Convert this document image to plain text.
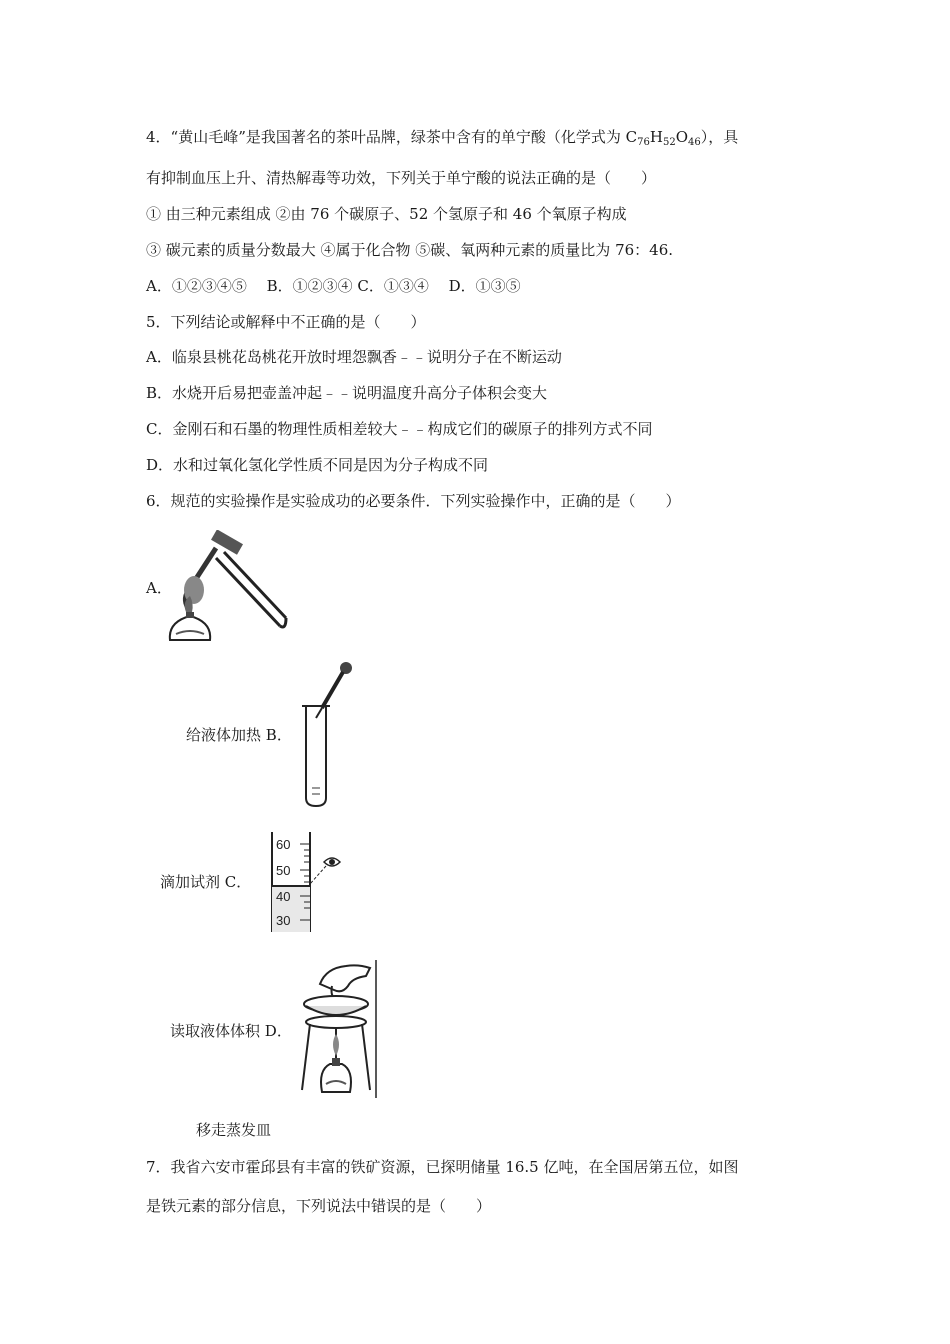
4．“黄山毛峰”是我国著名的茶叶品牌，绿茶中含有的单宁酸（化学式为 $C_{76}H_{52}O_{46}$），具
有抑制血压上升、清热解毒等功效，下列关于单宁酸的说法正确的是（　　）
① 由三种元素组成 ②由 76 个碳原子、52 个氢原子和 46 个氧原子构成
③ 碳元素的质量分数最大 ④属于化合物 ⑤碳、氧两种元素的质量比为 76：46.
A．①②③④⑤　 B．①②③④ C．①③④　 D．①③⑤
5．下列结论或解释中不正确的是（　　）
A．临泉县桃花岛桃花开放时埋怨飘香﹣﹣说明分子在不断运动
B．水烧开后易把壶盖冲起﹣﹣说明温度升高分子体积会变大
C．金刚石和石墨的物理性质相差较大﹣﹣构成它们的碳原子的排列方式不同
D．水和过氧化氢化学性质不同是因为分子构成不同
6．规范的实验操作是实验成功的必要条件．下列实验操作中，正确的是（　　）
A．
给液体加热 B．
滴加试剂 C．
60
50
40
30
读取液体体积 D．
移走蒸发皿
7．我省六安市霍邱县有丰富的铁矿资源，已探明储量 16.5 亿吨，在全国居第五位，如图
是铁元素的部分信息，下列说法中错误的是（　　）
